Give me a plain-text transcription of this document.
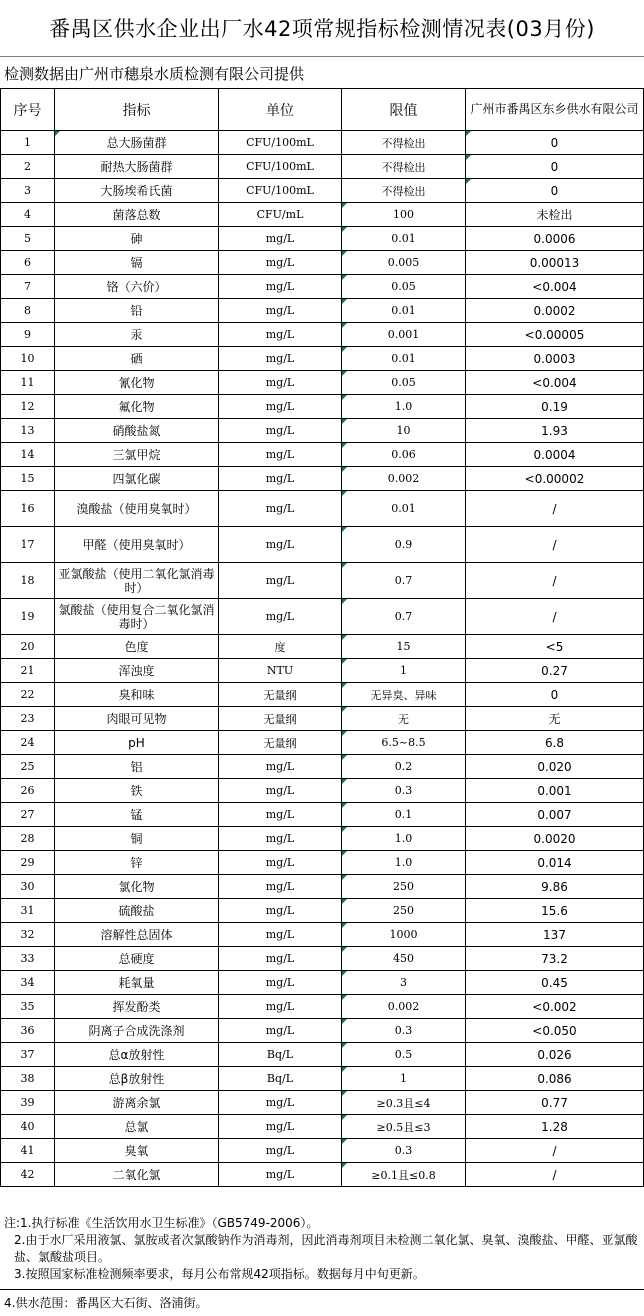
番禺区供水企业出厂水42项常规指标检测情况表(03月份)
检测数据由广州市穗泉水质检测有限公司提供
序号	指标	单位	限值	广州市番禺区东乡供水有限公司
1	总大肠菌群	CFU/100mL	不得检出	0
2	耐热大肠菌群	CFU/100mL	不得检出	0
3	大肠埃希氏菌	CFU/100mL	不得检出	0
4	菌落总数	CFU/mL	100	未检出
5	砷	mg/L	0.01	0.0006
6	镉	mg/L	0.005	0.00013
7	铬（六价）	mg/L	0.05	<0.004
8	铅	mg/L	0.01	0.0002
9	汞	mg/L	0.001	<0.00005
10	硒	mg/L	0.01	0.0003
11	氰化物	mg/L	0.05	<0.004
12	氟化物	mg/L	1.0	0.19
13	硝酸盐氮	mg/L	10	1.93
14	三氯甲烷	mg/L	0.06	0.0004
15	四氯化碳	mg/L	0.002	<0.00002
16	溴酸盐（使用臭氧时）	mg/L	0.01	/
17	甲醛（使用臭氧时）	mg/L	0.9	/
18	亚氯酸盐（使用二氧化氯消毒时）	mg/L	0.7	/
19	氯酸盐（使用复合二氧化氯消毒时）	mg/L	0.7	/
20	色度	度	15	<5
21	浑浊度	NTU	1	0.27
22	臭和味	无量纲	无异臭、异味	0
23	肉眼可见物	无量纲	无	无
24	pH	无量纲	6.5~8.5	6.8
25	铝	mg/L	0.2	0.020
26	铁	mg/L	0.3	0.001
27	锰	mg/L	0.1	0.007
28	铜	mg/L	1.0	0.0020
29	锌	mg/L	1.0	0.014
30	氯化物	mg/L	250	9.86
31	硫酸盐	mg/L	250	15.6
32	溶解性总固体	mg/L	1000	137
33	总硬度	mg/L	450	73.2
34	耗氧量	mg/L	3	0.45
35	挥发酚类	mg/L	0.002	<0.002
36	阴离子合成洗涤剂	mg/L	0.3	<0.050
37	总α放射性	Bq/L	0.5	0.026
38	总β放射性	Bq/L	1	0.086
39	游离余氯	mg/L	≥0.3且≤4	0.77
40	总氯	mg/L	≥0.5且≤3	1.28
41	臭氧	mg/L	0.3	/
42	二氧化氯	mg/L	≥0.1且≤0.8	/
注:1.执行标准《生活饮用水卫生标准》（GB5749-2006）。
2.由于水厂采用液氯、氯胺或者次氯酸钠作为消毒剂，因此消毒剂项目未检测二氧化氯、臭氧、溴酸盐、甲醛、亚氯酸盐、氯酸盐项目。
3.按照国家标准检测频率要求，每月公布常规42项指标。数据每月中旬更新。
4.供水范围：番禺区大石街、洛浦街。
